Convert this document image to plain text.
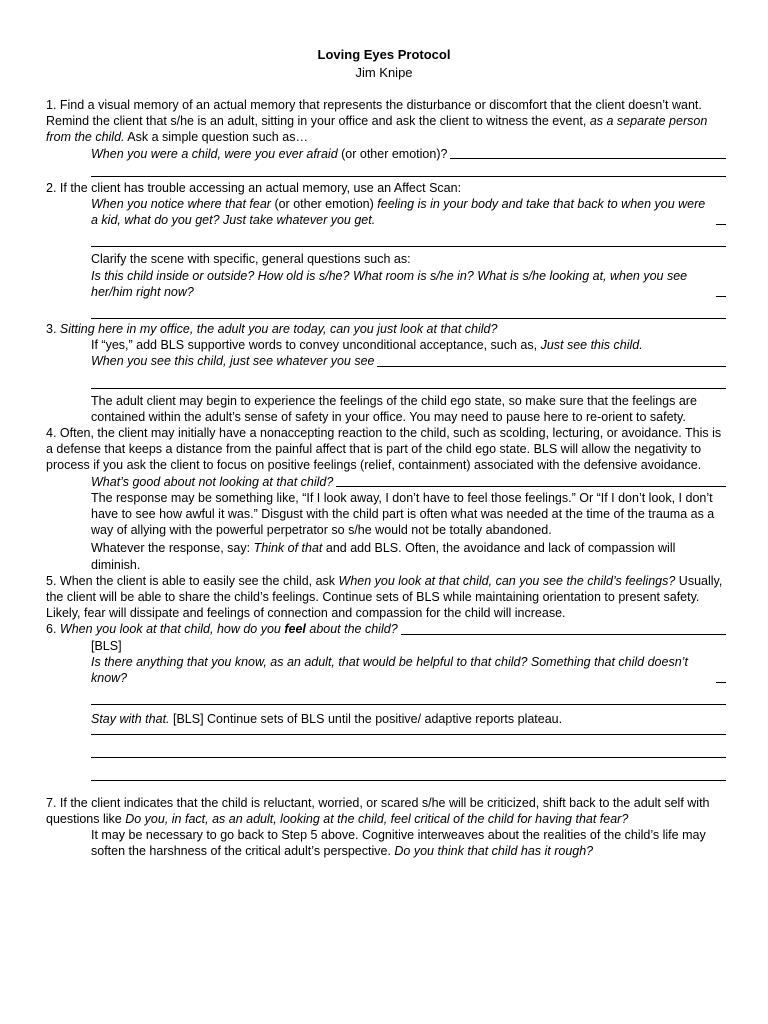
Loving Eyes Protocol
Jim Knipe

1. Find a visual memory of an actual memory that represents the disturbance or discomfort that the client doesn’t want. Remind the client that s/he is an adult, sitting in your office and ask the client to witness the event, as a separate person from the child. Ask a simple question such as…

When you were a child, were you ever afraid (or other emotion)?

2. If the client has trouble accessing an actual memory, use an Affect Scan:

When you notice where that fear (or other emotion) feeling is in your body and take that back to when you were a kid, what do you get? Just take whatever you get.

Clarify the scene with specific, general questions such as:

Is this child inside or outside? How old is s/he? What room is s/he in? What is s/he looking at, when you see her/him right now?

3. Sitting here in my office, the adult you are today, can you just look at that child?

If “yes,” add BLS supportive words to convey unconditional acceptance, such as, Just see this child.

When you see this child, just see whatever you see

The adult client may begin to experience the feelings of the child ego state, so make sure that the feelings are contained within the adult’s sense of safety in your office. You may need to pause here to re-orient to safety.

4. Often, the client may initially have a nonaccepting reaction to the child, such as scolding, lecturing, or avoidance. This is a defense that keeps a distance from the painful affect that is part of the child ego state. BLS will allow the negativity to process if you ask the client to focus on positive feelings (relief, containment) associated with the defensive avoidance.

What’s good about not looking at that child?

The response may be something like, “If I look away, I don’t have to feel those feelings.” Or “If I don’t look, I don’t have to see how awful it was.” Disgust with the child part is often what was needed at the time of the trauma as a way of allying with the powerful perpetrator so s/he would not be totally abandoned.

Whatever the response, say: Think of that and add BLS. Often, the avoidance and lack of compassion will diminish.

5. When the client is able to easily see the child, ask When you look at that child, can you see the child’s feelings? Usually, the client will be able to share the child’s feelings. Continue sets of BLS while maintaining orientation to present safety. Likely, fear will dissipate and feelings of connection and compassion for the child will increase.

6. When you look at that child, how do you feel about the child?

[BLS]

Is there anything that you know, as an adult, that would be helpful to that child? Something that child doesn’t know?

Stay with that. [BLS] Continue sets of BLS until the positive/ adaptive reports plateau.

7. If the client indicates that the child is reluctant, worried, or scared s/he will be criticized, shift back to the adult self with questions like Do you, in fact, as an adult, looking at the child, feel critical of the child for having that fear?

It may be necessary to go back to Step 5 above. Cognitive interweaves about the realities of the child’s life may soften the harshness of the critical adult’s perspective. Do you think that child has it rough?
